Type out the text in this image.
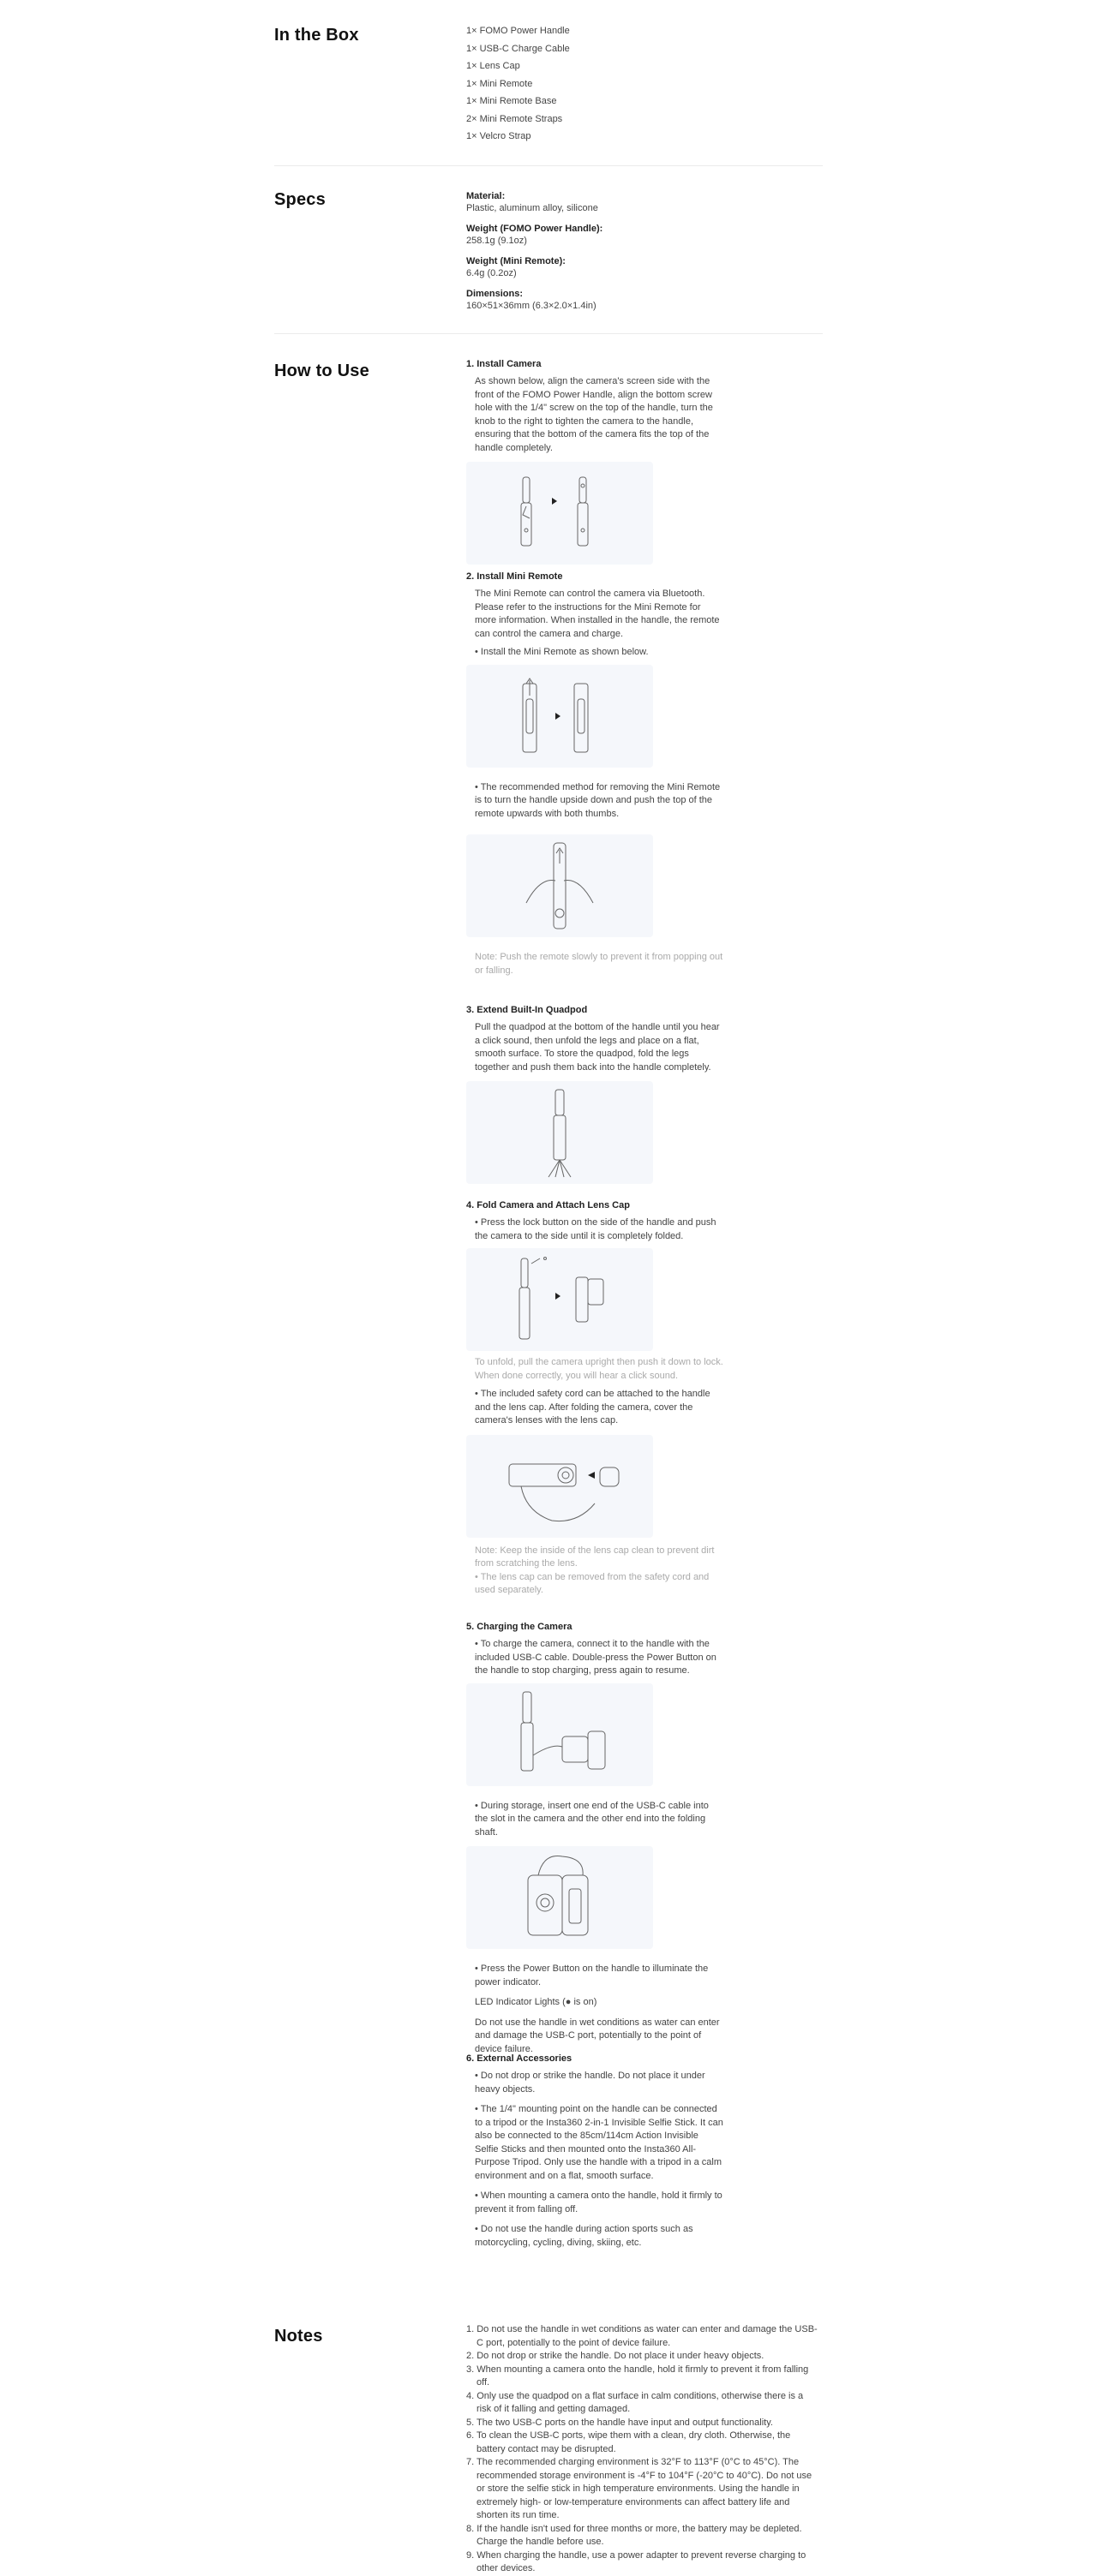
In the Box	1× FOMO Power Handle
1× USB-C Charge Cable
1× Lens Cap
1× Mini Remote
1× Mini Remote Base
2× Mini Remote Straps
1× Velcro Strap
Specs	Material:
Plastic, aluminum alloy, silicone
Weight (FOMO Power Handle):
258.1g (9.1oz)
Weight (Mini Remote):
6.4g (0.2oz)
Dimensions:
160×51×36mm (6.3×2.0×1.4in)
How to Use	1. Install Camera
As shown below, align the camera's screen side with the front of the FOMO Power Handle, align the bottom screw hole with the 1/4" screw on the top of the handle, turn the knob to the right to tighten the camera to the handle, ensuring that the bottom of the camera fits the top of the handle completely.
2. Install Mini Remote
The Mini Remote can control the camera via Bluetooth. Please refer to the instructions for the Mini Remote for more information. When installed in the handle, the remote can control the camera and charge.
• Install the Mini Remote as shown below.
• The recommended method for removing the Mini Remote is to turn the handle upside down and push the top of the remote upwards with both thumbs.
Note: Push the remote slowly to prevent it from popping out or falling.
3. Extend Built-In Quadpod
Pull the quadpod at the bottom of the handle until you hear a click sound, then unfold the legs and place on a flat, smooth surface. To store the quadpod, fold the legs together and push them back into the handle completely.
4. Fold Camera and Attach Lens Cap
• Press the lock button on the side of the handle and push the camera to the side until it is completely folded.
To unfold, pull the camera upright then push it down to lock. When done correctly, you will hear a click sound.
• The included safety cord can be attached to the handle and the lens cap. After folding the camera, cover the camera's lenses with the lens cap.
Note: Keep the inside of the lens cap clean to prevent dirt from scratching the lens.
• The lens cap can be removed from the safety cord and used separately.
5. Charging the Camera
• To charge the camera, connect it to the handle with the included USB-C cable. Double-press the Power Button on the handle to stop charging, press again to resume.
• During storage, insert one end of the USB-C cable into the slot in the camera and the other end into the folding shaft.
• Press the Power Button on the handle to illuminate the power indicator.
LED Indicator Lights (● is on)
Do not use the handle in wet conditions as water can enter and damage the USB-C port, potentially to the point of device failure.
6. External Accessories
• Do not drop or strike the handle. Do not place it under heavy objects.
• The 1/4" mounting point on the handle can be connected to a tripod or the Insta360 2-in-1 Invisible Selfie Stick. It can also be connected to the 85cm/114cm Action Invisible Selfie Sticks and then mounted onto the Insta360 All-Purpose Tripod. Only use the handle with a tripod in a calm environment and on a flat, smooth surface.
• When mounting a camera onto the handle, hold it firmly to prevent it from falling off.
• Do not use the handle during action sports such as motorcycling, cycling, diving, skiing, etc.
Notes	1. Do not use the handle in wet conditions as water can enter and damage the USB-C port, potentially to the point of device failure.
2. Do not drop or strike the handle. Do not place it under heavy objects.
3. When mounting a camera onto the handle, hold it firmly to prevent it from falling off.
4. Only use the quadpod on a flat surface in calm conditions, otherwise there is a risk of it falling and getting damaged.
5. The two USB-C ports on the handle have input and output functionality.
6. To clean the USB-C ports, wipe them with a clean, dry cloth. Otherwise, the battery contact may be disrupted.
7. The recommended charging environment is 32°F to 113°F (0°C to 45°C). The recommended storage environment is -4°F to 104°F (-20°C to 40°C). Do not use or store the selfie stick in high temperature environments. Using the handle in extremely high- or low-temperature environments can affect battery life and shorten its run time.
8. If the handle isn't used for three months or more, the battery may be depleted. Charge the handle before use.
9. When charging the handle, use a power adapter to prevent reverse charging to other devices.
